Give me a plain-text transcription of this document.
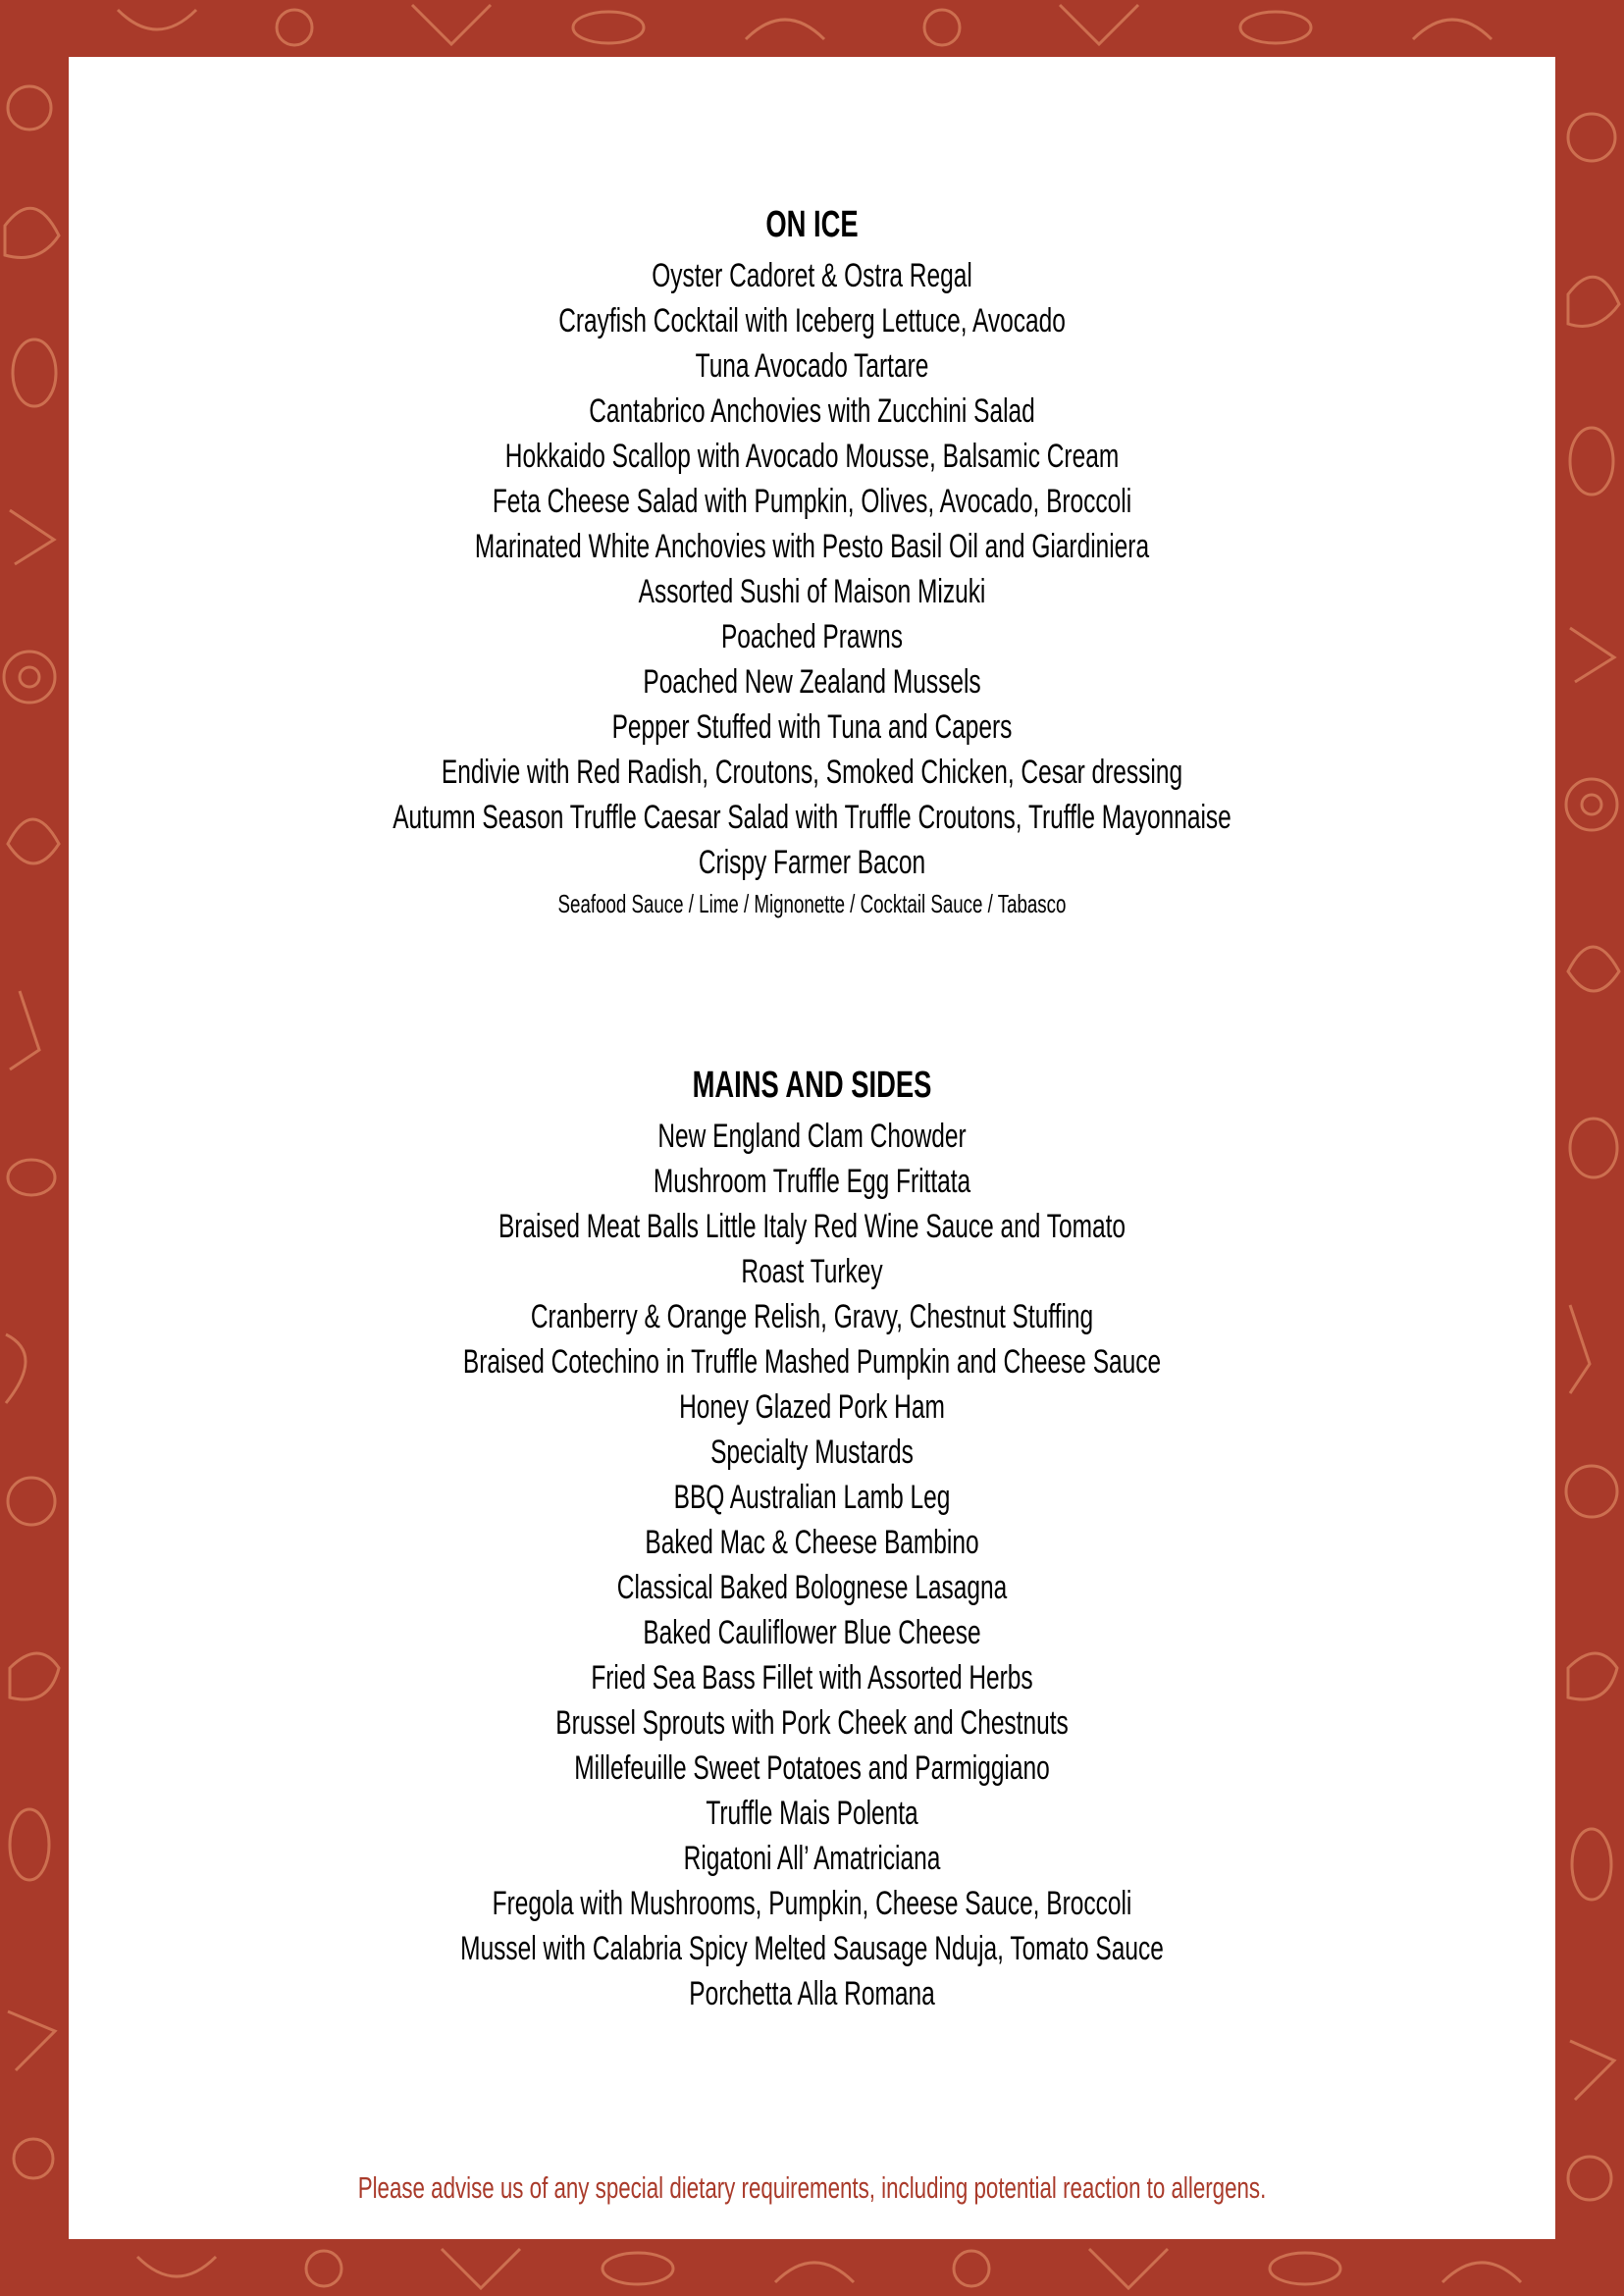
ON ICE
Oyster Cadoret & Ostra Regal
Crayfish Cocktail with Iceberg Lettuce, Avocado
Tuna Avocado Tartare
Cantabrico Anchovies with Zucchini Salad
Hokkaido Scallop with Avocado Mousse, Balsamic Cream
Feta Cheese Salad with Pumpkin, Olives, Avocado, Broccoli
Marinated White Anchovies with Pesto Basil Oil and Giardiniera
Assorted Sushi of Maison Mizuki
Poached Prawns
Poached New Zealand Mussels
Pepper Stuffed with Tuna and Capers
Endivie with Red Radish, Croutons, Smoked Chicken, Cesar dressing
Autumn Season Truffle Caesar Salad with Truffle Croutons, Truffle Mayonnaise
Crispy Farmer Bacon
Seafood Sauce / Lime / Mignonette / Cocktail Sauce / Tabasco
MAINS AND SIDES
New England Clam Chowder
Mushroom Truffle Egg Frittata
Braised Meat Balls Little Italy Red Wine Sauce and Tomato
Roast Turkey
Cranberry & Orange Relish, Gravy, Chestnut Stuffing
Braised Cotechino in Truffle Mashed Pumpkin and Cheese Sauce
Honey Glazed Pork Ham
Specialty Mustards
BBQ Australian Lamb Leg
Baked Mac & Cheese Bambino
Classical Baked Bolognese Lasagna
Baked Cauliflower Blue Cheese
Fried Sea Bass Fillet with Assorted Herbs
Brussel Sprouts with Pork Cheek and Chestnuts
Millefeuille Sweet Potatoes and Parmiggiano
Truffle Mais Polenta
Rigatoni All’ Amatriciana
Fregola with Mushrooms, Pumpkin, Cheese Sauce, Broccoli
Mussel with Calabria Spicy Melted Sausage Nduja, Tomato Sauce
Porchetta Alla Romana
Please advise us of any special dietary requirements, including potential reaction to allergens.
